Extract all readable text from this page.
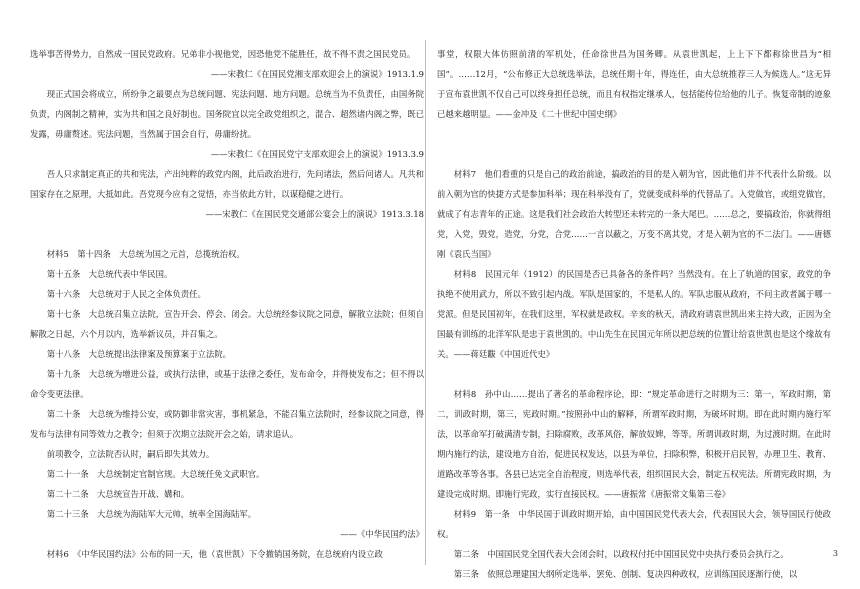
选举事苦得势力，自然成一国民党政府。兄弟非小视他党，因恐他党不能胜任，故不得不责之国民党员。

——宋教仁《在国民党湘支部欢迎会上的演说》1913.1.9

现正式国会将成立，所纷争之最要点为总统问题、宪法问题、地方问题。总统当为不负责任，由国务院负责，内阁制之精神，实为共和国之良好制也。国务院宜以完全政党组织之，混合、超然诸内阁之弊，既已发露，毋庸赘述。宪法问题，当然属于国会自行，毋庸纷扰。

——宋教仁《在国民党宁支部欢迎会上的演说》1913.3.9

吾人只求制定真正的共和宪法，产出纯粹的政党内阁，此后政治进行，先问诸法，然后问诸人。凡共和国家存在之原理，大抵如此。吾党现今应有之觉悟，亦当依此方针，以谋稳健之进行。

——宋教仁《在国民党交通部公宴会上的演说》1913.3.18

材料5　第十四条　大总统为国之元首，总揽统治权。

第十五条　大总统代表中华民国。

第十六条　大总统对于人民之全体负责任。

第十七条　大总统召集立法院，宣告开会、停会、闭会。大总统经参议院之同意，解散立法院；但须自解散之日起，六个月以内，选举新议员，并召集之。

第十八条　大总统提出法律案及预算案于立法院。

第十九条　大总统为增进公益，或执行法律，或基于法律之委任，发布命令，并得使发布之；但不得以命令变更法律。

第二十条　大总统为维持公安，或防御非常灾害，事机紧急，不能召集立法院时，经参议院之同意，得发布与法律有同等效力之教令；但须于次期立法院开会之始，请求追认。

前项教令，立法院否认时，嗣后即失其效力。

第二十一条　大总统制定官制官规。大总统任免文武职官。

第二十二条　大总统宣告开战、媾和。

第二十三条　大总统为海陆军大元帅，统率全国海陆军。

——《中华民国约法》

材料6　《中华民国约法》公布的同一天，他（袁世凯）下令撤销国务院，在总统府内设立政

事堂，权限大体仿照前清的军机处，任命徐世昌为国务卿。从袁世凯起，上上下下都称徐世昌为“相国”。……12月，“公布修正大总统选举法，总统任期十年，得连任，由大总统推荐三人为候选人。”这无异于宣布袁世凯不仅自己可以终身担任总统，而且有权指定继承人，包括能传位给他的儿子。恢复帝制的迹象已越来越明显。——金冲及《二十世纪中国史纲》

材料7　他们看重的只是自己的政治前途，搞政治的目的是入朝为官，因此他们并不代表什么阶级。以前入朝为官的快捷方式是参加科举；现在科举没有了，党就变成科举的代替品了。入党做官，或组党做官，就成了有志青年的正途。这是我们社会政治大转型还未转完的一条大尾巴。……总之，要搞政治，你就得组党，入党，毁党，造党，分党，合党……一言以蔽之，万变不离其党，才是入朝为官的不二法门。——唐德刚《袁氏当国》

材料8　民国元年（1912）的民国是否已具备各的条件吗？当然没有。在上了轨道的国家，政党的争执绝不使用武力，所以不致引起内战。军队是国家的，不是私人的。军队忠服从政府，不问主政者属于哪一党派。但是民国初年，在我们这里，军权就是政权。辛亥的秋天，清政府请袁世凯出来主持大政，正因为全国最有训练的北洋军队是忠于袁世凯的。中山先生在民国元年所以把总统的位置让给袁世凯也是这个缘故有关。——蒋廷黻《中国近代史》

材料8　孙中山……提出了著名的革命程序论，即：“规定革命进行之时期为三：第一，军政时期，第二，训政时期，第三，宪政时期。”按照孙中山的解释，所谓军政时期，为破坏时期。即在此时期内施行军法，以革命军打破满清专制，扫除腐败，改革风俗，解放奴婢，等等。所谓训政时期，为过渡时期。在此时期内施行约法，建设地方自治，促进民权发达，以县为单位，扫除积弊，积极开启民智，办理卫生、教育、道路改革等各事。各县已达完全自治程度，则选举代表，组织国民大会，制定五权宪法。所谓宪政时期，为建设完成时期。即施行宪政，实行直接民权。——唐振常《唐振常文集第三卷》

材料9　第一条　中华民国于训政时期开始，由中国国民党代表大会，代表国民大会，领导国民行使政权。

第二条　中国国民党全国代表大会闭会时，以政权付托中国国民党中央执行委员会执行之。

第三条　依照总理建国大纲所定选举、罢免、创制、复决四种政权，应训练国民逐渐行使，以

3
